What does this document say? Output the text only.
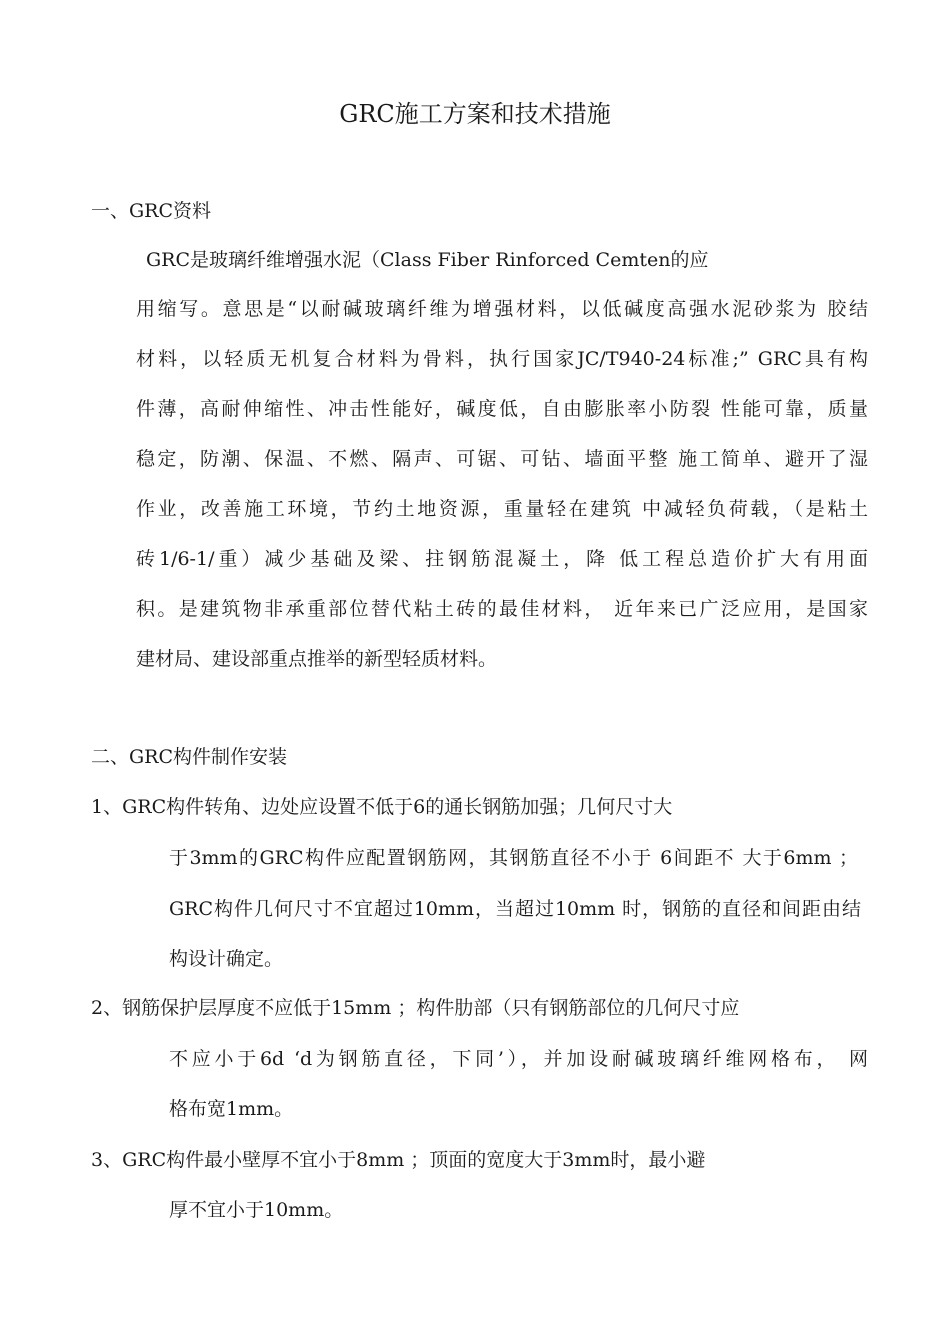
GRC施工方案和技术措施
一、GRC资料
GRC是玻璃纤维增强水泥（Class Fiber Rinforced Cemten的应
用缩写。意思是“以耐碱玻璃纤维为增强材料，以低碱度高强水泥砂浆为 胶结
材料，以轻质无机复合材料为骨料，执行国家JC/T940-24标准;” GRC具有构
件薄，高耐伸缩性、冲击性能好，碱度低，自由膨胀率小防裂 性能可靠，质量
稳定，防潮、保温、不燃、隔声、可锯、可钻、墙面平整 施工简单、避开了湿
作业，改善施工环境，节约土地资源，重量轻在建筑 中减轻负荷载，（是粘土
砖1/6-1/重）减少基础及梁、拄钢筋混凝土，降 低工程总造价扩大有用面
积。是建筑物非承重部位替代粘土砖的最佳材料， 近年来已广泛应用，是国家
建材局、建设部重点推举的新型轻质材料。
二、GRC构件制作安装
1、GRC构件转角、边处应设置不低于6的通长钢筋加强；几何尺寸大
于3mm的GRC构件应配置钢筋网，其钢筋直径不小于 6间距不 大于6mm ；
GRC构件几何尺寸不宜超过10mm，当超过10mm 时，钢筋的直径和间距由结
构设计确定。
2、钢筋保护层厚度不应低于15mm ；构件肋部（只有钢筋部位的几何尺寸应
不应小于6d ‘d为钢筋直径，下同’），并加设耐碱玻璃纤维网格布， 网
格布宽1mm。
3、GRC构件最小壁厚不宜小于8mm ；顶面的宽度大于3mm时，最小避
厚不宜小于10mm。
